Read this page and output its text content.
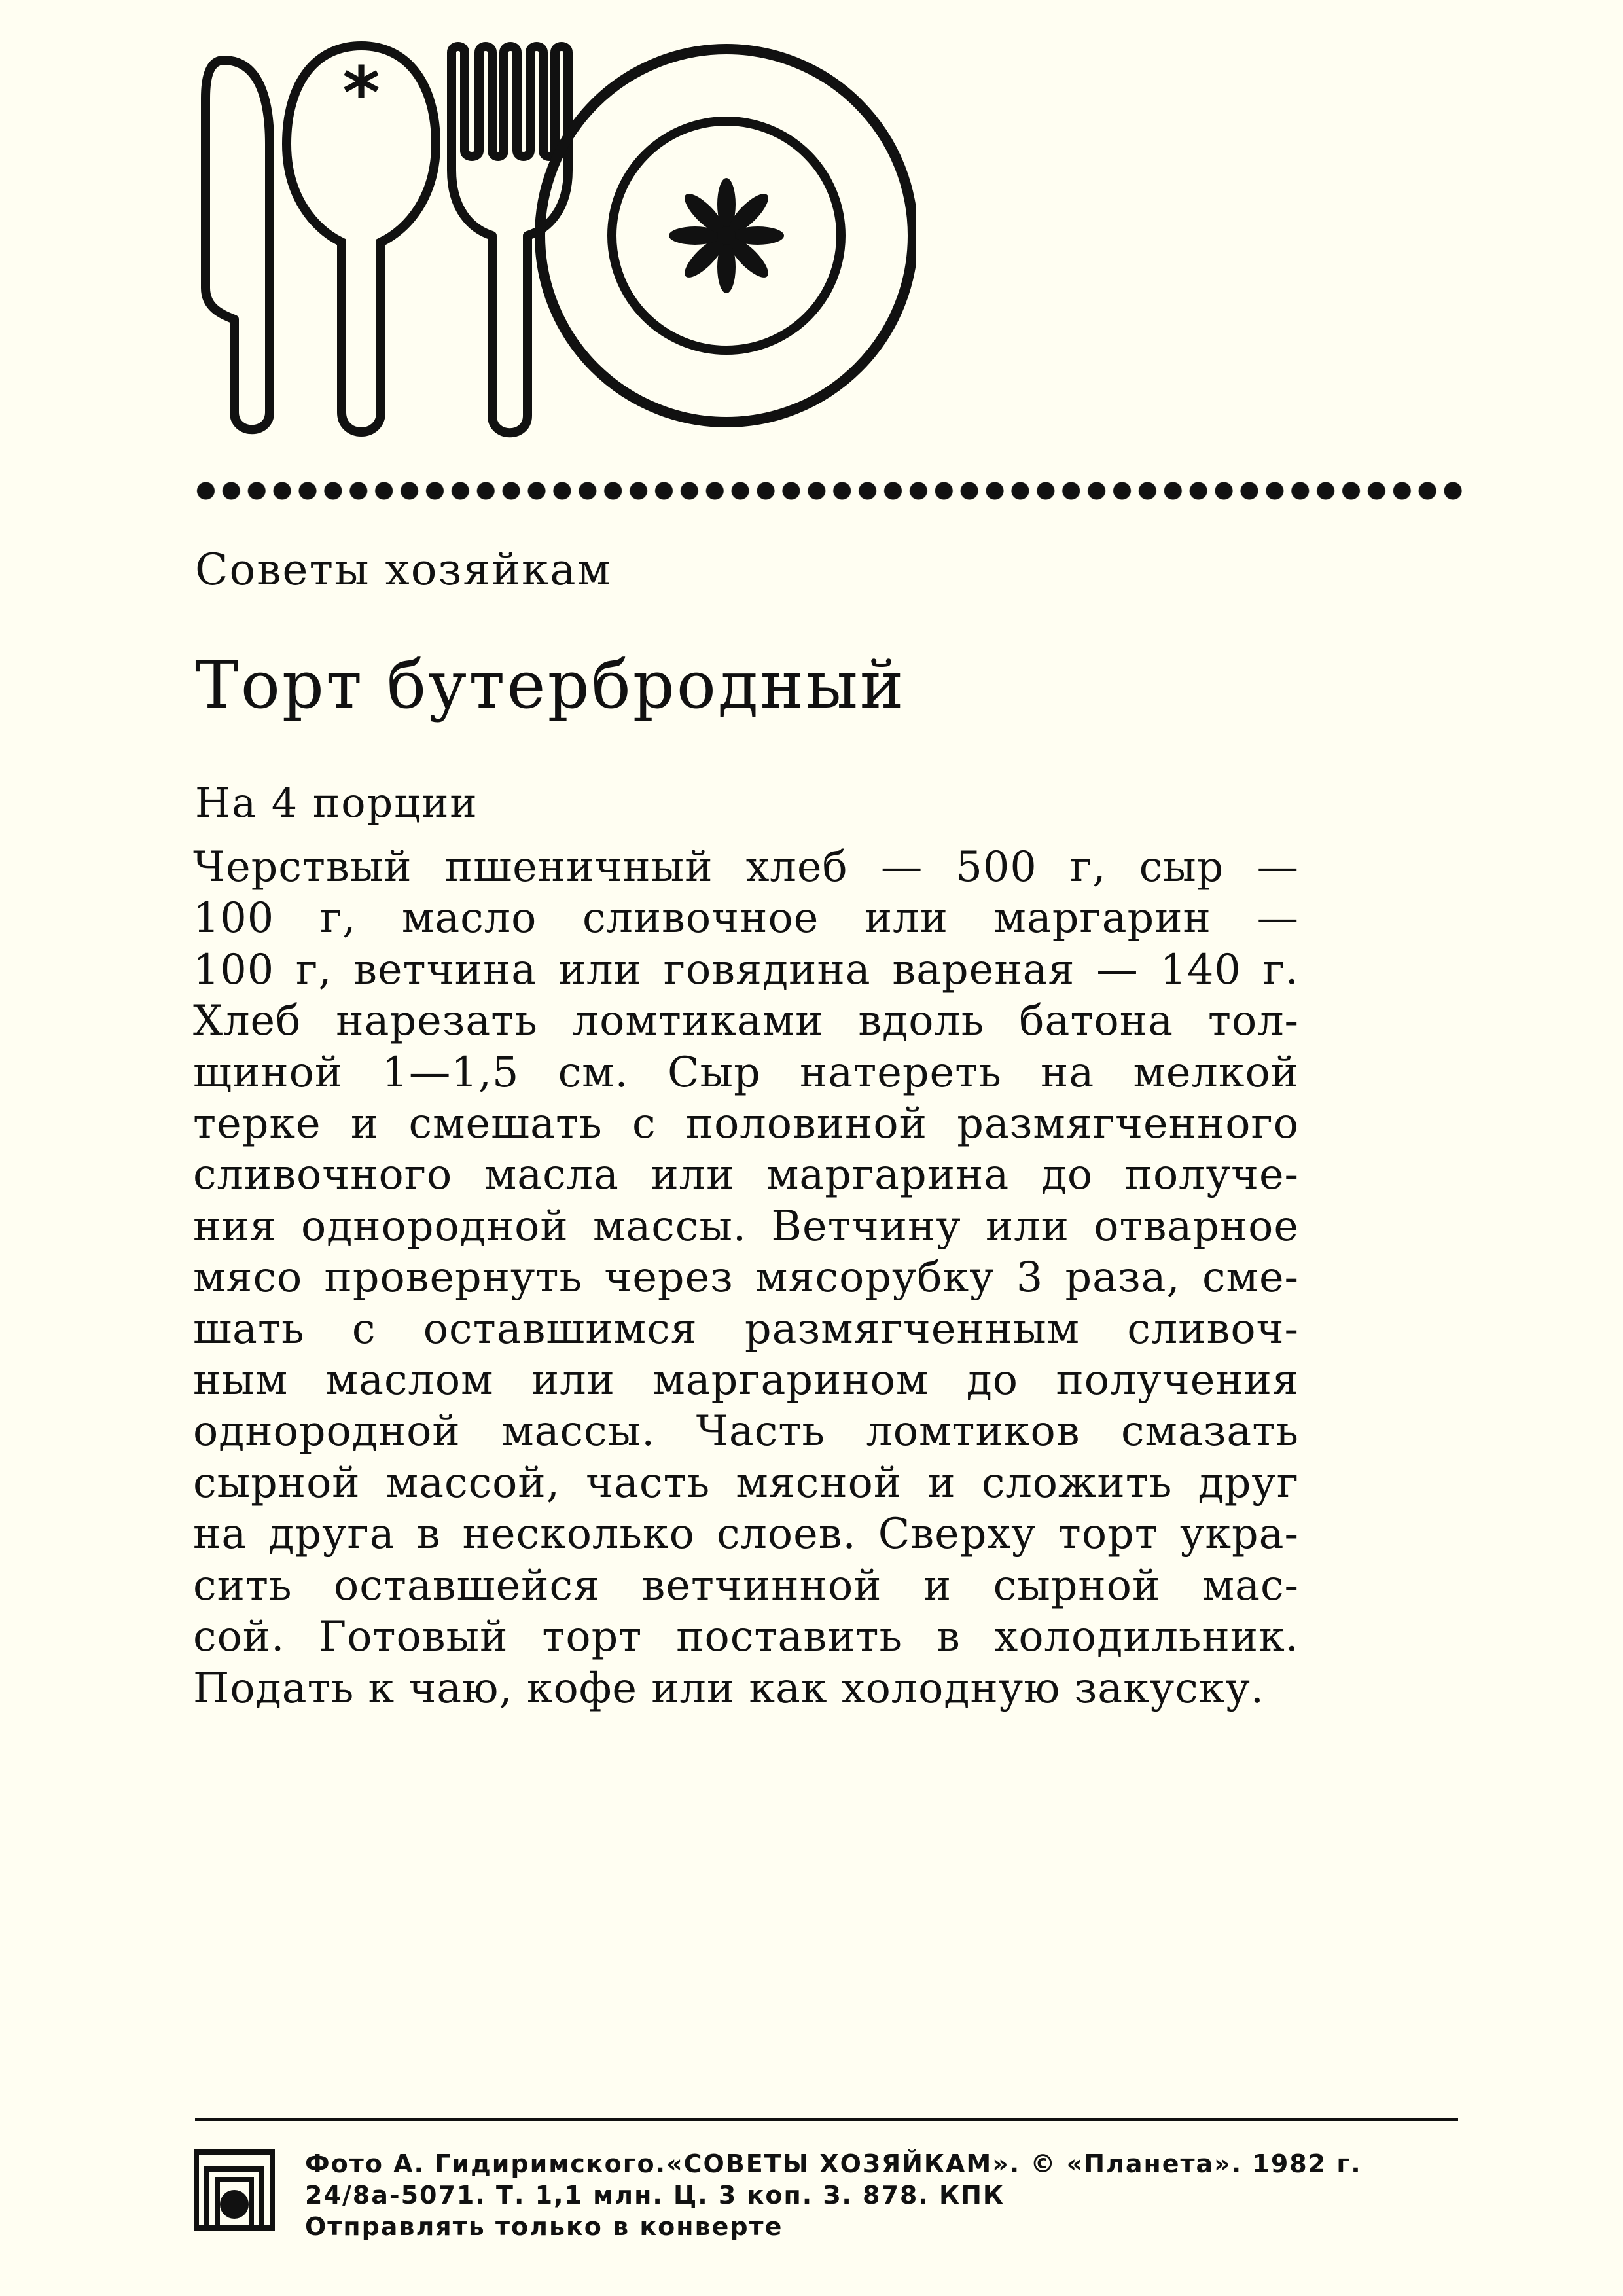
*
Советы хозяйкам
Торт бутербродный
На 4 порции
Черствый пшеничный хлеб — 500 г, сыр —
100 г, масло сливочное или маргарин —
100 г, ветчина или говядина вареная — 140 г.
Хлеб нарезать ломтиками вдоль батона тол-
щиной 1—1,5 см. Сыр натереть на мелкой
терке и смешать с половиной размягченного
сливочного масла или маргарина до получе-
ния однородной массы. Ветчину или отварное
мясо провернуть через мясорубку 3 раза, сме-
шать с оставшимся размягченным сливоч-
ным маслом или маргарином до получения
однородной массы. Часть ломтиков смазать
сырной массой, часть мясной и сложить друг
на друга в несколько слоев. Сверху торт укра-
сить оставшейся ветчинной и сырной мас-
сой. Готовый торт поставить в холодильник.
Подать к чаю, кофе или как холодную закуску.
Фото А. Гидиримского.«СОВЕТЫ ХОЗЯЙКАМ». © «Планета». 1982 г.
24/8а-5071. Т. 1,1 млн. Ц. 3 коп. З. 878. КПК
Отправлять только в конверте
